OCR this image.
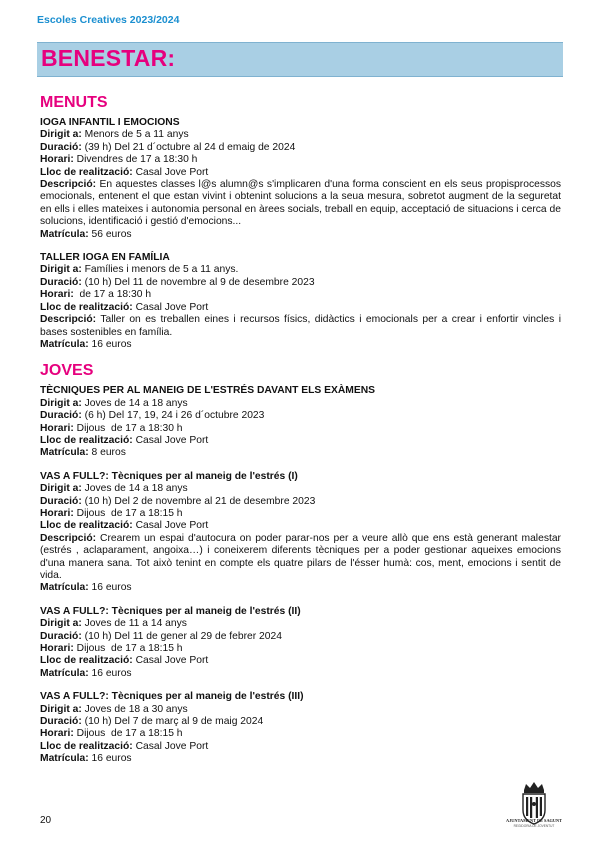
Escoles Creatives 2023/2024
BENESTAR:
MENUTS
IOGA INFANTIL I EMOCIONS
Dirigit a: Menors de 5 a 11 anys
Duració: (39 h) Del 21 d´octubre al 24 d emaig de 2024
Horari: Divendres de 17 a 18:30 h
Lloc de realització: Casal Jove Port
Descripció: En aquestes classes l@s alumn@s s'implicaren d'una forma conscient en els seus propisprocessos emocionals, entenent el que estan vivint i obtenint solucions a la seua mesura, sobretot augment de la seguretat en ells i elles mateixes i autonomia personal en àrees socials, treball en equip, acceptació de situacions i cerca de solucions, identificació i gestió d'emocions...
Matrícula: 56 euros
TALLER IOGA EN FAMÍLIA
Dirigit a: Famílies i menors de 5 a 11 anys.
Duració: (10 h) Del 11 de novembre al 9 de desembre 2023
Horari:  de 17 a 18:30 h
Lloc de realització: Casal Jove Port
Descripció: Taller on es treballen eines i recursos físics, didàctics i emocionals per a crear i enfortir vincles i bases sostenibles en família.
Matrícula: 16 euros
JOVES
TÈCNIQUES PER AL MANEIG DE L'ESTRÉS DAVANT ELS EXÀMENS
Dirigit a: Joves de 14 a 18 anys
Duració: (6 h) Del 17, 19, 24 i 26 d´octubre 2023
Horari: Dijous  de 17 a 18:30 h
Lloc de realització: Casal Jove Port
Matrícula: 8 euros
VAS A FULL?: Tècniques per al maneig de l'estrés (I)
Dirigit a: Joves de 14 a 18 anys
Duració: (10 h) Del 2 de novembre al 21 de desembre 2023
Horari: Dijous  de 17 a 18:15 h
Lloc de realització: Casal Jove Port
Descripció: Crearem un espai d'autocura on poder parar-nos per a veure allò que ens està generant malestar (estrés , aclaparament, angoixa…) i coneixerem diferents tècniques per a poder gestionar aqueixes emocions d'una manera sana. Tot això tenint en compte els quatre pilars de l'ésser humà: cos, ment, emocions i sentit de vida.
Matrícula: 16 euros
VAS A FULL?: Tècniques per al maneig de l'estrés (II)
Dirigit a: Joves de 11 a 14 anys
Duració: (10 h) Del 11 de gener al 29 de febrer 2024
Horari: Dijous  de 17 a 18:15 h
Lloc de realització: Casal Jove Port
Matrícula: 16 euros
VAS A FULL?: Tècniques per al maneig de l'estrés (III)
Dirigit a: Joves de 18 a 30 anys
Duració: (10 h) Del 7 de març al 9 de maig 2024
Horari: Dijous  de 17 a 18:15 h
Lloc de realització: Casal Jove Port
Matrícula: 16 euros
20	AJUNTAMENT DE SAGUNT
REGIDORIA DE JOVENTUT
